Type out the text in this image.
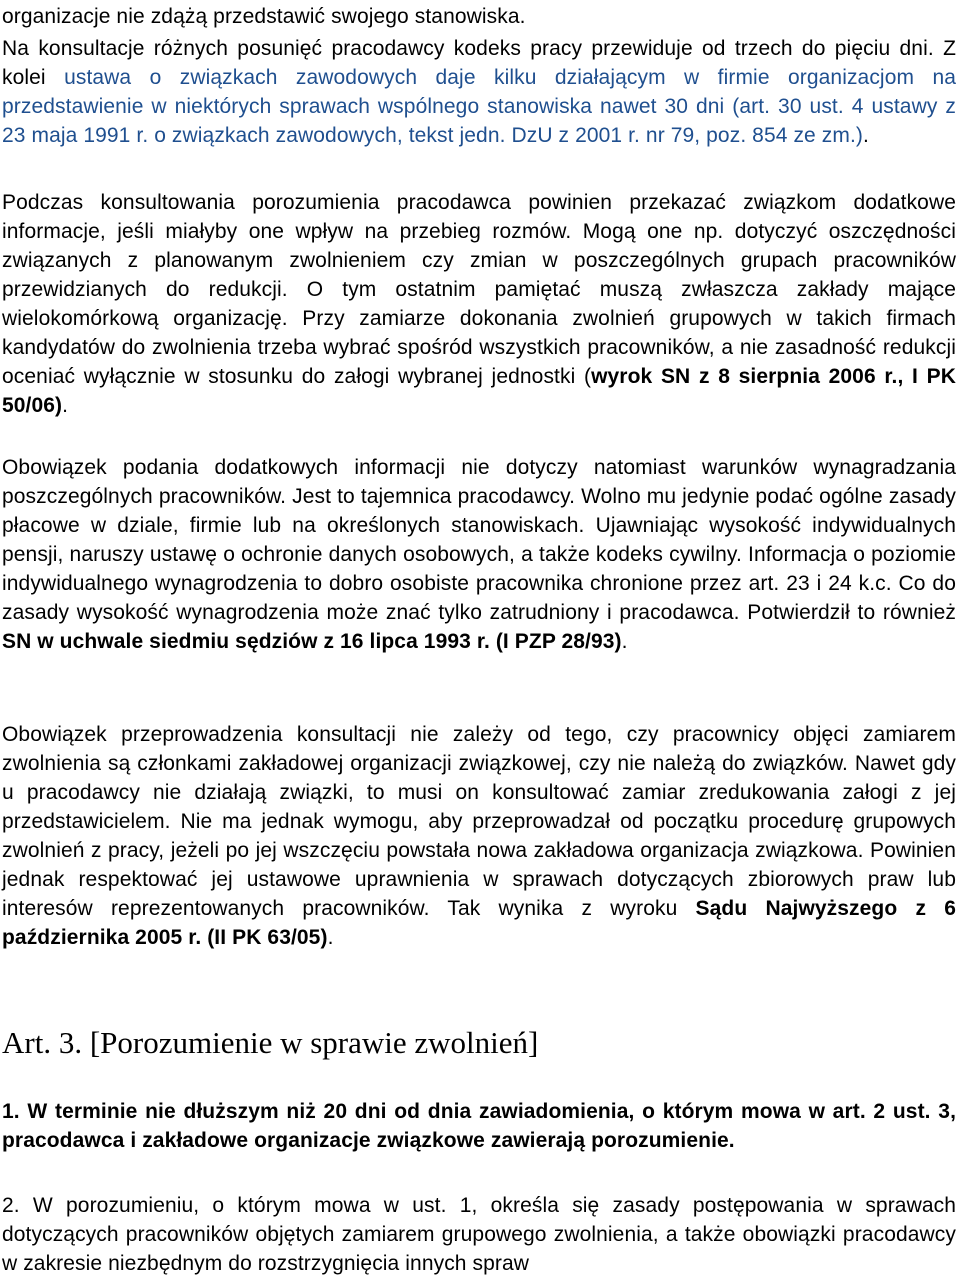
organizacje nie zdążą przedstawić swojego stanowiska.

Na konsultacje różnych posunięć pracodawcy kodeks pracy przewiduje od trzech do pięciu dni. Z kolei ustawa o związkach zawodowych daje kilku działającym w firmie organizacjom na przedstawienie w niektórych sprawach wspólnego stanowiska nawet 30 dni (art. 30 ust. 4 ustawy z 23 maja 1991 r. o związkach zawodowych, tekst jedn. DzU z 2001 r. nr 79, poz. 854 ze zm.).

Podczas konsultowania porozumienia pracodawca powinien przekazać związkom dodatkowe informacje, jeśli miałyby one wpływ na przebieg rozmów. Mogą one np. dotyczyć oszczędności związanych z planowanym zwolnieniem czy zmian w poszczególnych grupach pracowników przewidzianych do redukcji. O tym ostatnim pamiętać muszą zwłaszcza zakłady mające wielokomórkową organizację. Przy zamiarze dokonania zwolnień grupowych w takich firmach kandydatów do zwolnienia trzeba wybrać spośród wszystkich pracowników, a nie zasadność redukcji oceniać wyłącznie w stosunku do załogi wybranej jednostki (wyrok SN z 8 sierpnia 2006 r., I PK 50/06).

Obowiązek podania dodatkowych informacji nie dotyczy natomiast warunków wynagradzania poszczególnych pracowników. Jest to tajemnica pracodawcy. Wolno mu jedynie podać ogólne zasady płacowe w dziale, firmie lub na określonych stanowiskach. Ujawniając wysokość indywidualnych pensji, naruszy ustawę o ochronie danych osobowych, a także kodeks cywilny. Informacja o poziomie indywidualnego wynagrodzenia to dobro osobiste pracownika chronione przez art. 23 i 24 k.c. Co do zasady wysokość wynagrodzenia może znać tylko zatrudniony i pracodawca. Potwierdził to również SN w uchwale siedmiu sędziów z 16 lipca 1993 r. (I PZP 28/93).

Obowiązek przeprowadzenia konsultacji nie zależy od tego, czy pracownicy objęci zamiarem zwolnienia są członkami zakładowej organizacji związkowej, czy nie należą do związków. Nawet gdy u pracodawcy nie działają związki, to musi on konsultować zamiar zredukowania załogi z jej przedstawicielem. Nie ma jednak wymogu, aby przeprowadzał od początku procedurę grupowych zwolnień z pracy, jeżeli po jej wszczęciu powstała nowa zakładowa organizacja związkowa. Powinien jednak respektować jej ustawowe uprawnienia w sprawach dotyczących zbiorowych praw lub interesów reprezentowanych pracowników. Tak wynika z wyroku Sądu Najwyższego z 6 października 2005 r. (II PK 63/05).

Art. 3. [Porozumienie w sprawie zwolnień]

1. W terminie nie dłuższym niż 20 dni od dnia zawiadomienia, o którym mowa w art. 2 ust. 3, pracodawca i zakładowe organizacje związkowe zawierają porozumienie.

2. W porozumieniu, o którym mowa w ust. 1, określa się zasady postępowania w sprawach dotyczących pracowników objętych zamiarem grupowego zwolnienia, a także obowiązki pracodawcy w zakresie niezbędnym do rozstrzygnięcia innych spraw
